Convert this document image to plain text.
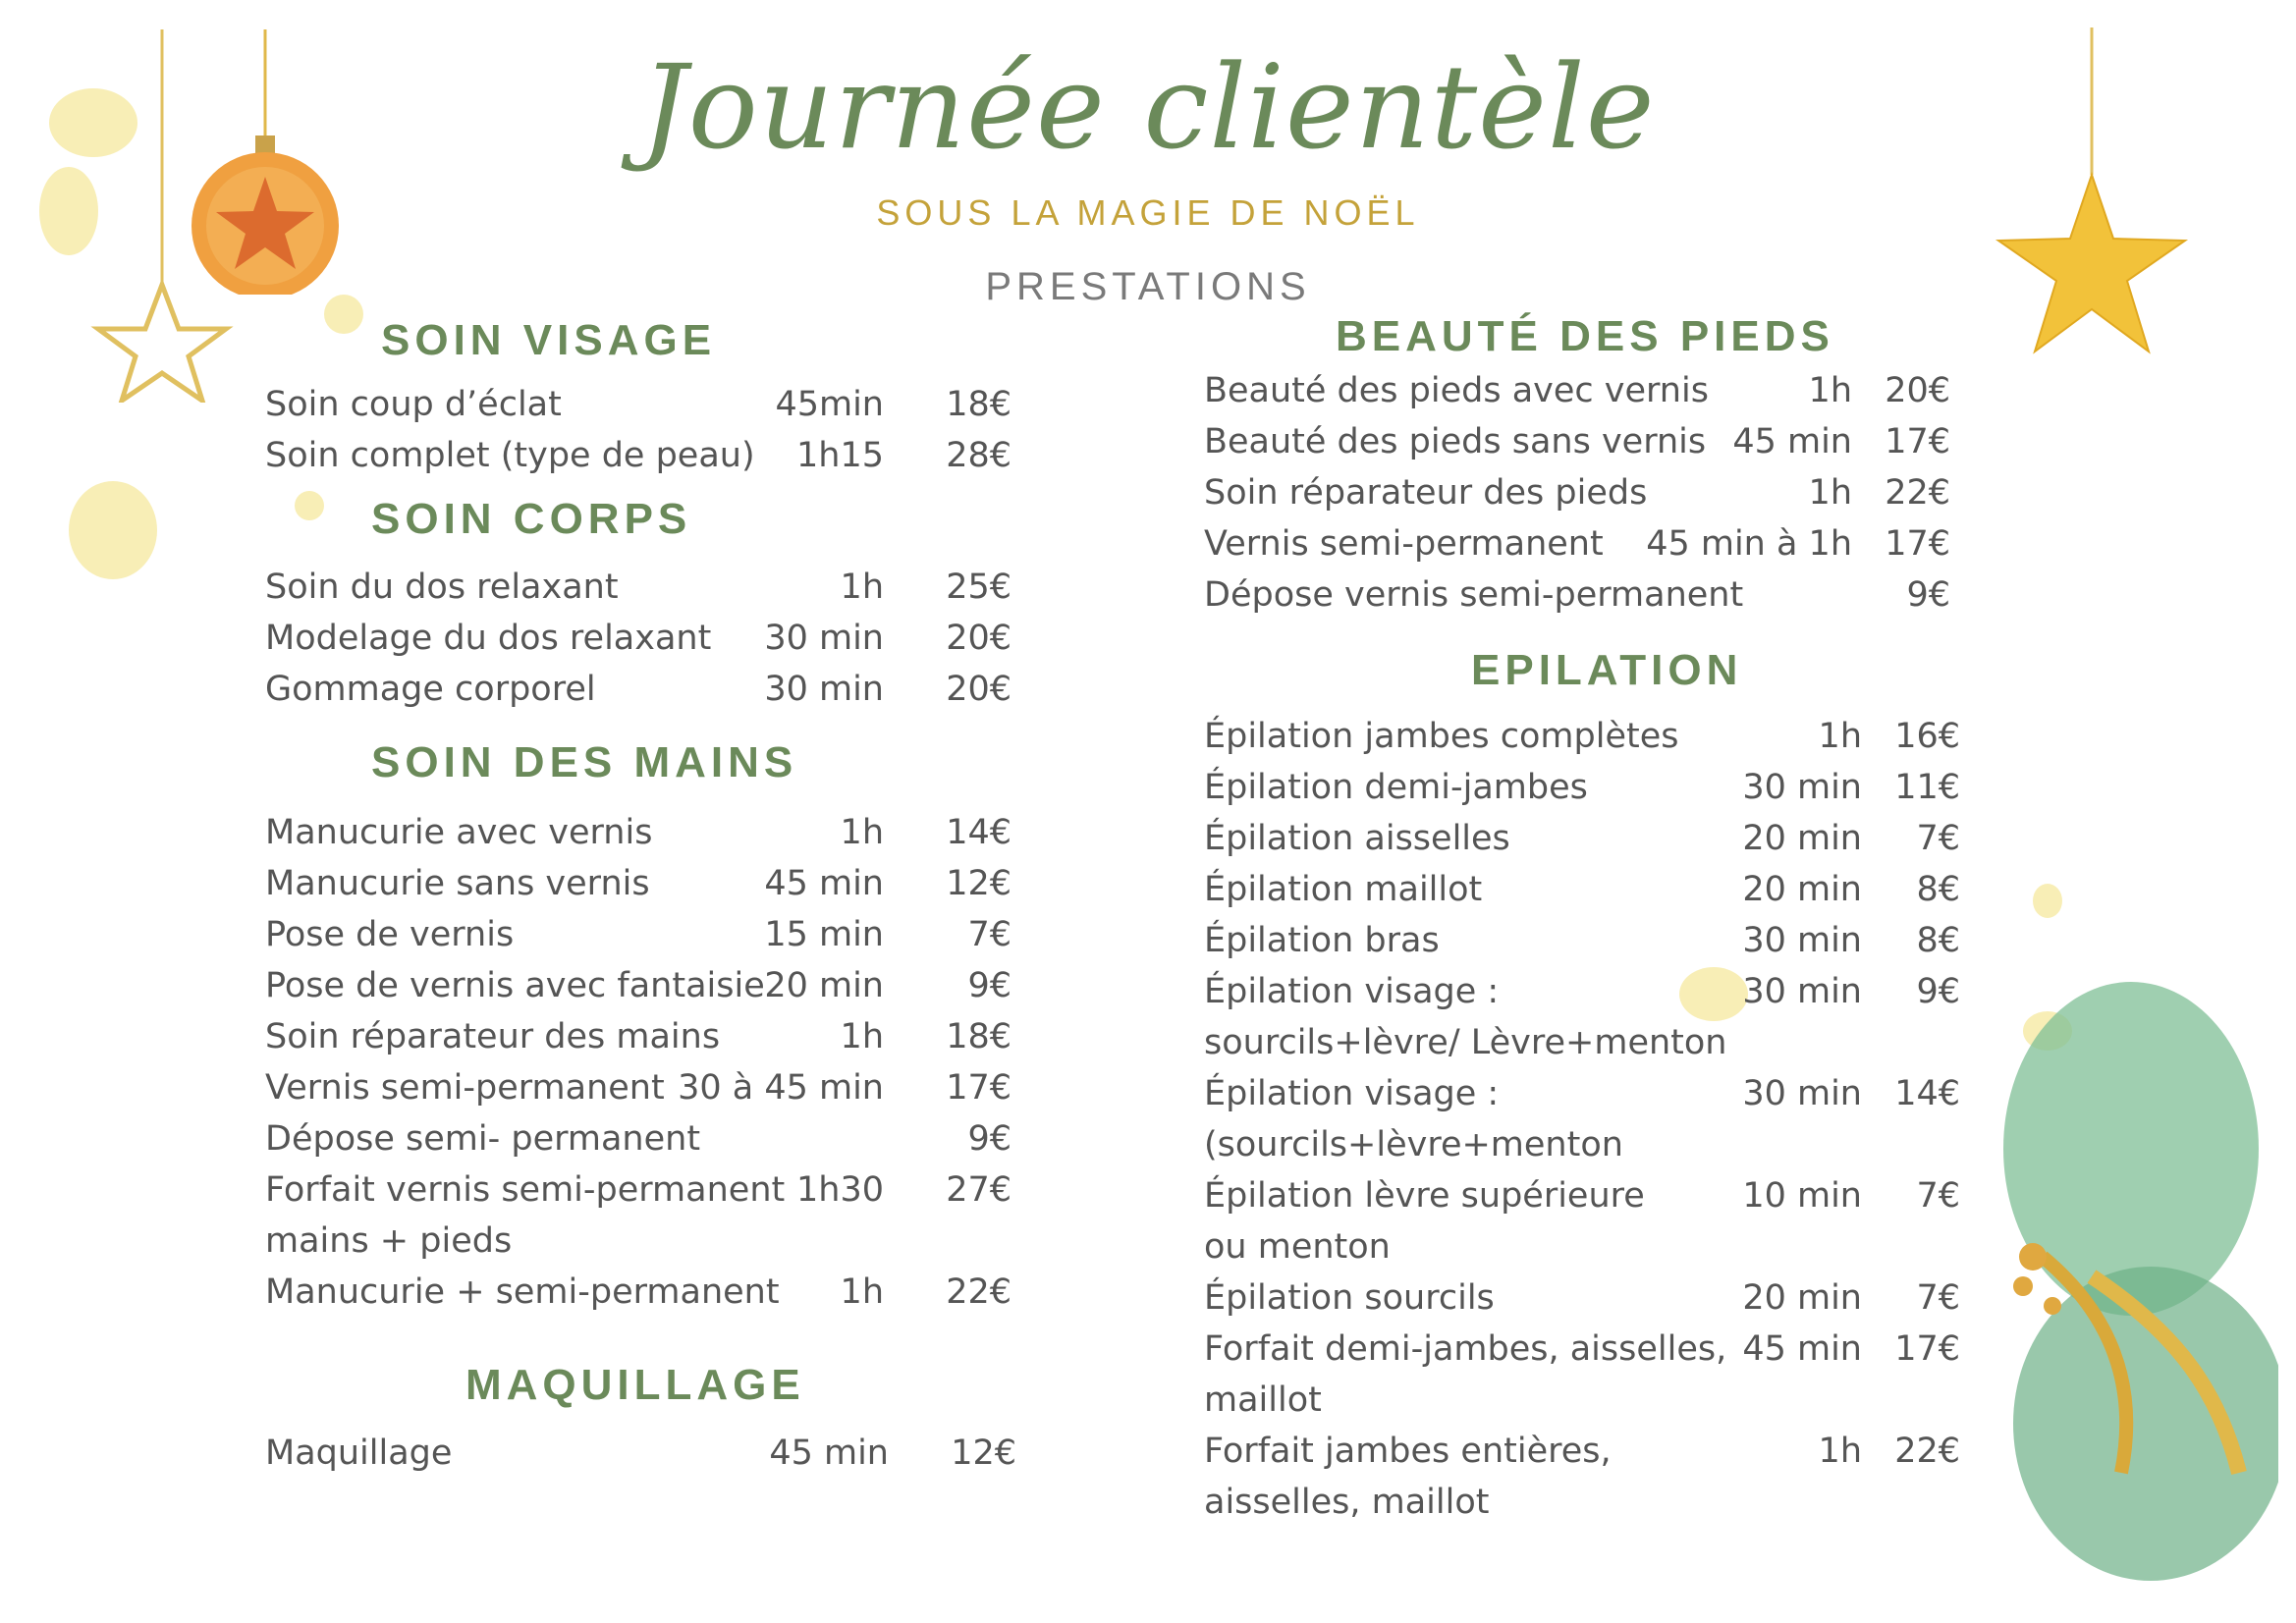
Journée clientèle
SOUS LA MAGIE DE NOËL
PRESTATIONS
SOIN VISAGE
Soin coup d’éclat	45min	18€
Soin complet (type de peau) 1h15	28€
SOIN CORPS
Soin du dos relaxant	1h	25€
Modelage du dos relaxant 30 min	20€
Gommage corporel	30 min	20€
SOIN DES MAINS
Manucurie avec vernis	1h	14€
Manucurie sans vernis	45 min	12€
Pose de vernis	15 min	7€
Pose de vernis avec fantaisie 20 min	9€
Soin réparateur des mains	1h	18€
Vernis semi-permanent 30 à 45 min	17€
Dépose semi- permanent	9€
Forfait vernis semi-permanent 1h30	27€
mains + pieds
Manucurie + semi-permanent 1h	22€
MAQUILLAGE
Maquillage	45 min	12€
BEAUTÉ DES PIEDS
Beauté des pieds avec vernis	1h 20€
Beauté des pieds sans vernis 45 min 17€
Soin réparateur des pieds	1h 22€
Vernis semi-permanent 45 min à 1h 17€
Dépose vernis semi-permanent	9€
EPILATION
Épilation jambes complètes	1h 16€
Épilation demi-jambes	30 min 11€
Épilation aisselles	20 min	7€
Épilation maillot	20 min	8€
Épilation bras	30 min	8€
Épilation visage :	30 min	9€
sourcils+lèvre/ Lèvre+menton
Épilation visage :	30 min 14€
(sourcils+lèvre+menton
Épilation lèvre supérieure	10 min	7€
ou menton
Épilation sourcils	20 min	7€
Forfait demi-jambes, aisselles, 45 min 17€
maillot
Forfait jambes entières,	1h 22€
aisselles, maillot
